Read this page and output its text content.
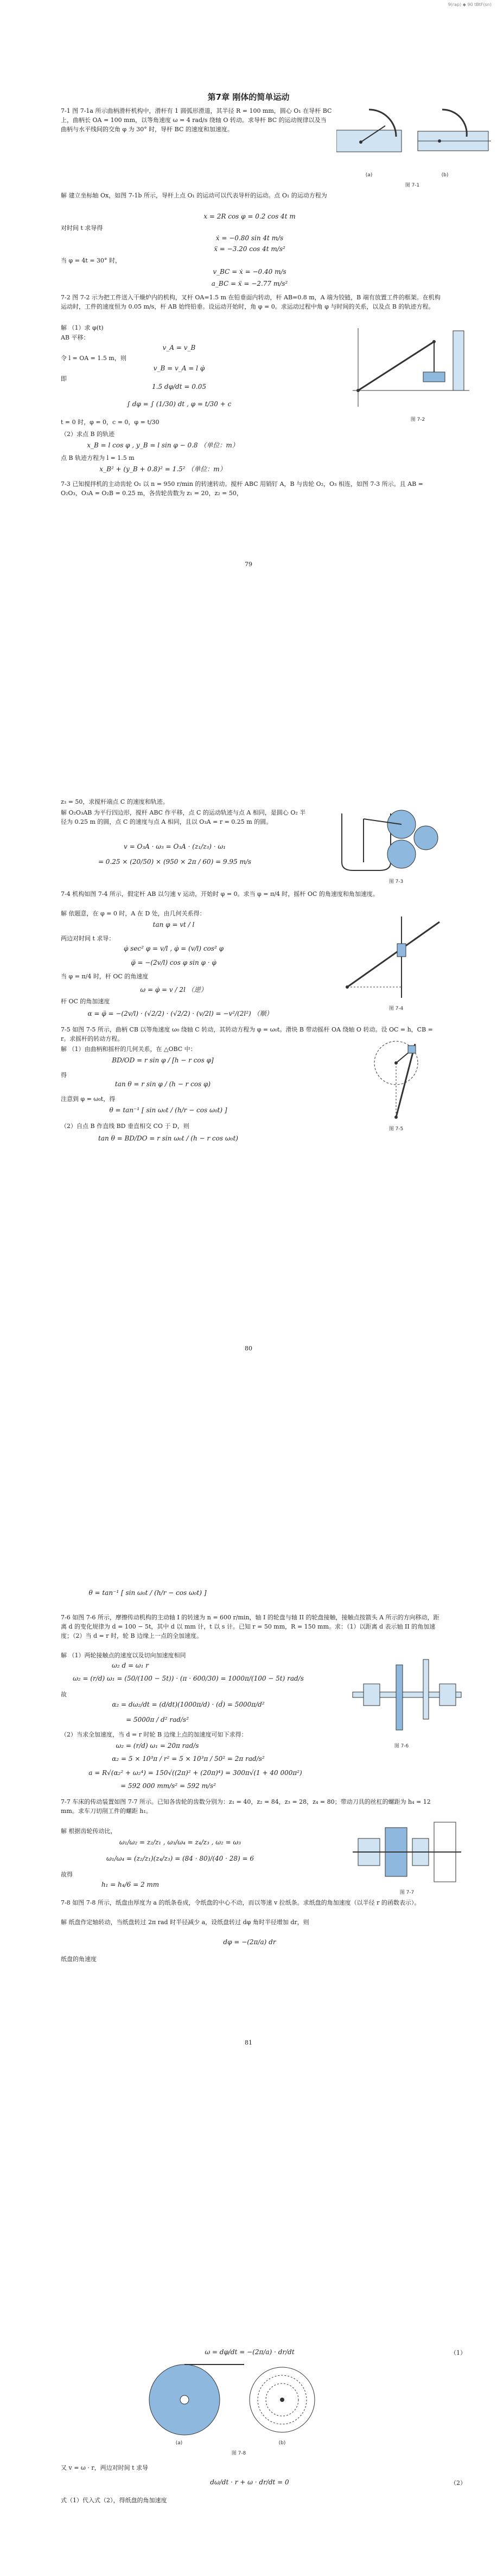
9(rap) ◆ 90 tBtF(sn)
第7章 刚体的简单运动
7-1 图 7-1a 所示曲柄滑杆机构中，滑杆有 1 圆弧形滑道，其半径 R = 100 mm，圆心 O₁ 在导杆 BC 上，曲柄长 OA = 100 mm，以等角速度 ω = 4 rad/s 绕轴 O 转动。求导杆 BC 的运动规律以及当曲柄与水平线间的交角 φ 为 30° 时，导杆 BC 的速度和加速度。
(a)	(b)
图 7-1
解 建立坐标轴 Ox，如图 7-1b 所示，导杆上点 O₁ 的运动可以代表导杆的运动。点 O₁ 的运动方程为
x = 2R cos φ = 0.2 cos 4t m
对时间 t 求导得
ẋ = −0.80 sin 4t m/s
ẍ = −3.20 cos 4t m/s²
当 φ = 4t = 30° 时，
v_BC = ẋ = −0.40 m/s
a_BC = ẍ = −2.77 m/s²
7-2 图 7-2 示为把工件送入干燥炉内的机构，叉杆 OA=1.5 m 在铅垂面内转动，杆 AB=0.8 m，A 端为铰链，B 端有放置工件的框架。在机构运动时，工件的速度恒为 0.05 m/s，杆 AB 始终铅垂。设运动开始时，角 φ = 0。求运动过程中角 φ 与时间的关系，以及点 B 的轨迹方程。
解 （1）求 φ(t)
AB 平移：
v_A = v_B
令 l = OA = 1.5 m，则
v_B = v_A = l φ̇
即
1.5 dφ/dt = 0.05
∫ dφ = ∫ (1/30) dt , φ = t/30 + c
t = 0 时，φ = 0，c = 0，φ = t/30
（2）求点 B 的轨迹
x_B = l cos φ , y_B = l sin φ − 0.8 （单位：m）
点 B 轨迹方程为 l = 1.5 m
x_B² + (y_B + 0.8)² = 1.5² （单位：m）
图 7-2
7-3 已知搅拌机的主动齿轮 O₁ 以 n = 950 r/min 的转速转动。搅杆 ABC 用销钉 A，B 与齿轮 O₂，O₃ 相连，如图 7-3 所示。且 AB = O₂O₃，O₃A = O₂B = 0.25 m，各齿轮齿数为 z₁ = 20，z₂ = 50，
79
z₃ = 50，求搅杆端点 C 的速度和轨迹。
解 O₂O₃AB 为平行四边形，搅杆 ABC 作平移，点 C 的运动轨迹与点 A 相同，是圆心 O₂ 半径为 0.25 m 的圆，点 C 的速度与点 A 相同，且以 O₃A = r = 0.25 m 的圆。
v = O₃A · ω₃ = O₃A · (z₁/z₃) · ω₁
= 0.25 × (20/50) × (950 × 2π / 60) = 9.95 m/s
图 7-3
7-4 机构如图 7-4 所示，假定杆 AB 以匀速 v 运动，开始时 φ = 0。求当 φ = π/4 时，摇杆 OC 的角速度和角加速度。
解 依题意，在 φ = 0 时，A 在 D 处，由几何关系得：
tan φ = vt / l
两边对时间 t 求导：
φ̇ sec² φ = v/l , φ̇ = (v/l) cos² φ
φ̈ = −(2v/l) cos φ sin φ · φ̇
当 φ = π/4 时，杆 OC 的角速度
ω = φ̇ = v / 2l （逆）
杆 OC 的角加速度
α = φ̈ = −(2v/l) · (√2/2) · (√2/2) · (v/2l) = −v²/(2l²) （顺）
图 7-4
7-5 如图 7-5 所示，曲柄 CB 以等角速度 ω₀ 绕轴 C 转动，其转动方程为 φ = ω₀t。滑块 B 带动摇杆 OA 绕轴 O 转动。设 OC = h，CB = r。求摇杆的转动方程。
解 （1）由曲柄和摇杆的几何关系，在 △OBC 中：
BD/OD = r sin φ / [h − r cos φ]
得
tan θ = r sin φ / (h − r cos φ)
注意到 φ = ω₀t，得
θ = tan⁻¹ [ sin ω₀t / (h/r − cos ω₀t) ]
（2）自点 B 作直线 BD 垂直相交 CO 于 D，则
tan θ = BD/DO = r sin ω₀t / (h − r cos ω₀t)
图 7-5
80
θ = tan⁻¹ [ sin ω₀t / (h/r − cos ω₀t) ]
7-6 如图 7-6 所示，摩擦传动机构的主动轴 I 的转速为 n = 600 r/min，轴 I 的轮盘与轴 II 的轮盘接触，接触点按箭头 A 所示的方向移动，距离 d 的变化规律为 d = 100 − 5t，其中 d 以 mm 计，t 以 s 计。已知 r = 50 mm，R = 150 mm。求：（1）以距离 d 表示轴 II 的角加速度；（2）当 d = r 时，轮 B 边缘上一点的全加速度。
解 （1）两轮接触点的速度以及切向加速度相同
ω₂ d = ω₁ r
ω₂ = (r/d) ω₁ = (50/(100 − 5t)) · (π · 600/30) = 1000π/(100 − 5t) rad/s
故
α₂ = dω₂/dt = (d/dt)(1000π/d) · (ḋ) = 5000π/d²
= 5000π / d² rad/s²
（2）当求全加速度，当 d = r 时轮 B 边缘上点的加速度可如下求得：
ω₂ = (r/d) ω₁ = 20π rad/s
α₂ = 5 × 10³π / r² = 5 × 10³π / 50² = 2π rad/s²
a = R√(α₂² + ω₂⁴) = 150√((2π)² + (20π)⁴) = 300π√(1 + 40 000π²)
= 592 000 mm/s² = 592 m/s²
图 7-6
7-7 车床的传动装置如图 7-7 所示。已知各齿轮的齿数分别为：z₁ = 40，z₂ = 84，z₃ = 28，z₄ = 80；带动刀具的丝杠的螺距为 h₄ = 12 mm。求车刀切削工件的螺距 h₁。
解 根据齿轮传动比，
ω₁/ω₂ = z₂/z₁ , ω₃/ω₄ = z₄/z₃ , ω₂ = ω₃
ω₁/ω₄ = (z₂/z₁)(z₄/z₃) = (84 · 80)/(40 · 28) = 6
故得
h₁ = h₄/6 = 2 mm
图 7-7
7-8 如图 7-8 所示，纸盘由厚度为 a 的纸条卷成，令纸盘的中心不动，而以等速 v 拉纸条。求纸盘的角加速度（以半径 r 的函数表示）。
解 纸盘作定轴转动，当纸盘转过 2π rad 时半径减少 a，设纸盘转过 dφ 角时半径增加 dr，则
dφ = −(2π/a) dr
纸盘的角速度
81
ω = dφ/dt = −(2π/a) · dr/dt	（1）
(a)	(b)
图 7-8
又 v = ω · r，两边对时间 t 求导
dω/dt · r + ω · dr/dt = 0	（2）
式（1）代入式（2），得纸盘的角加速度
